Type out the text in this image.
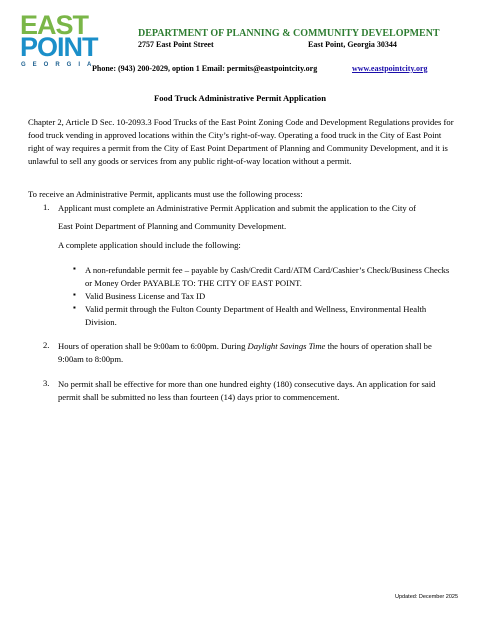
EAST
POINT
GEORGIA
DEPARTMENT OF PLANNING & COMMUNITY DEVELOPMENT
2757 East Point Street	East Point, Georgia 30344
Phone: (943) 200-2029, option 1 Email: permits@eastpointcity.org	www.eastpointcity.org
Food Truck Administrative Permit Application
Chapter 2, Article D Sec. 10-2093.3 Food Trucks of the East Point Zoning Code and Development Regulations provides for food truck vending in approved locations within the City’s right-of-way. Operating a food truck in the City of East Point right of way requires a permit from the City of East Point Department of Planning and Community Development, and it is unlawful to sell any goods or services from any public right-of-way location without a permit.
To receive an Administrative Permit, applicants must use the following process:
1. Applicant must complete an Administrative Permit Application and submit the application to the City of
East Point Department of Planning and Community Development.
A complete application should include the following:
▪ A non-refundable permit fee – payable by Cash/Credit Card/ATM Card/Cashier’s Check/Business Checks or Money Order PAYABLE TO: THE CITY OF EAST POINT.
▪ Valid Business License and Tax ID
▪ Valid permit through the Fulton County Department of Health and Wellness, Environmental Health Division.
2. Hours of operation shall be 9:00am to 6:00pm. During Daylight Savings Time the hours of operation shall be 9:00am to 8:00pm.
3. No permit shall be effective for more than one hundred eighty (180) consecutive days. An application for said permit shall be submitted no less than fourteen (14) days prior to commencement.
Updated: December 2025
